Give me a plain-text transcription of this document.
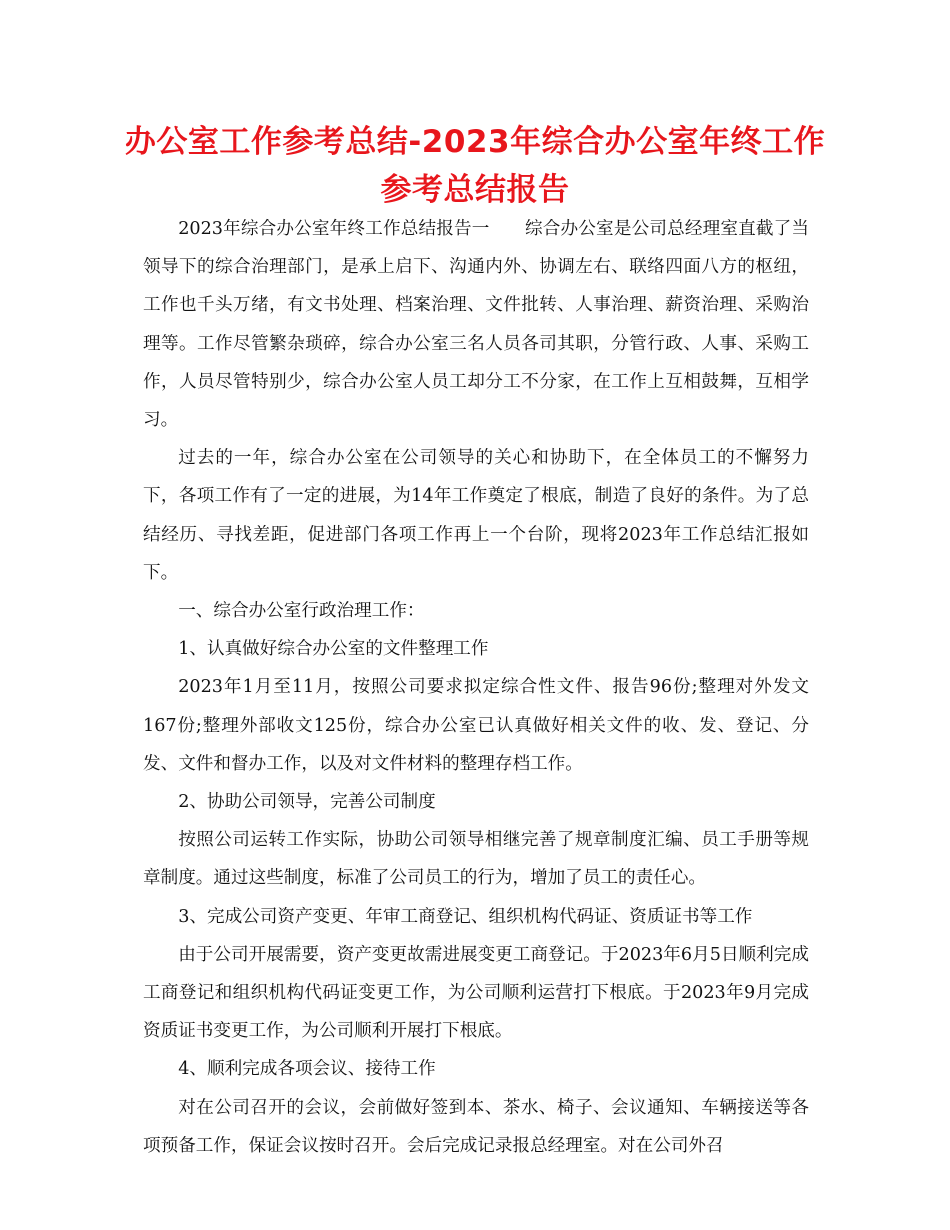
办公室工作参考总结-2023年综合办公室年终工作参考总结报告

2023年综合办公室年终工作总结报告一　　综合办公室是公司总经理室直截了当领导下的综合治理部门，是承上启下、沟通内外、协调左右、联络四面八方的枢纽，工作也千头万绪，有文书处理、档案治理、文件批转、人事治理、薪资治理、采购治理等。工作尽管繁杂琐碎，综合办公室三名人员各司其职，分管行政、人事、采购工作，人员尽管特别少，综合办公室人员工却分工不分家，在工作上互相鼓舞，互相学习。

过去的一年，综合办公室在公司领导的关心和协助下，在全体员工的不懈努力下，各项工作有了一定的进展，为14年工作奠定了根底，制造了良好的条件。为了总结经历、寻找差距，促进部门各项工作再上一个台阶，现将2023年工作总结汇报如下。

一、综合办公室行政治理工作：

1、认真做好综合办公室的文件整理工作

2023年1月至11月，按照公司要求拟定综合性文件、报告96份;整理对外发文167份;整理外部收文125份，综合办公室已认真做好相关文件的收、发、登记、分发、文件和督办工作，以及对文件材料的整理存档工作。

2、协助公司领导，完善公司制度

按照公司运转工作实际，协助公司领导相继完善了规章制度汇编、员工手册等规章制度。通过这些制度，标准了公司员工的行为，增加了员工的责任心。

3、完成公司资产变更、年审工商登记、组织机构代码证、资质证书等工作

由于公司开展需要，资产变更故需进展变更工商登记。于2023年6月5日顺利完成工商登记和组织机构代码证变更工作，为公司顺利运营打下根底。于2023年9月完成资质证书变更工作，为公司顺利开展打下根底。

4、顺利完成各项会议、接待工作

对在公司召开的会议，会前做好签到本、茶水、椅子、会议通知、车辆接送等各项预备工作，保证会议按时召开。会后完成记录报总经理室。对在公司外召
